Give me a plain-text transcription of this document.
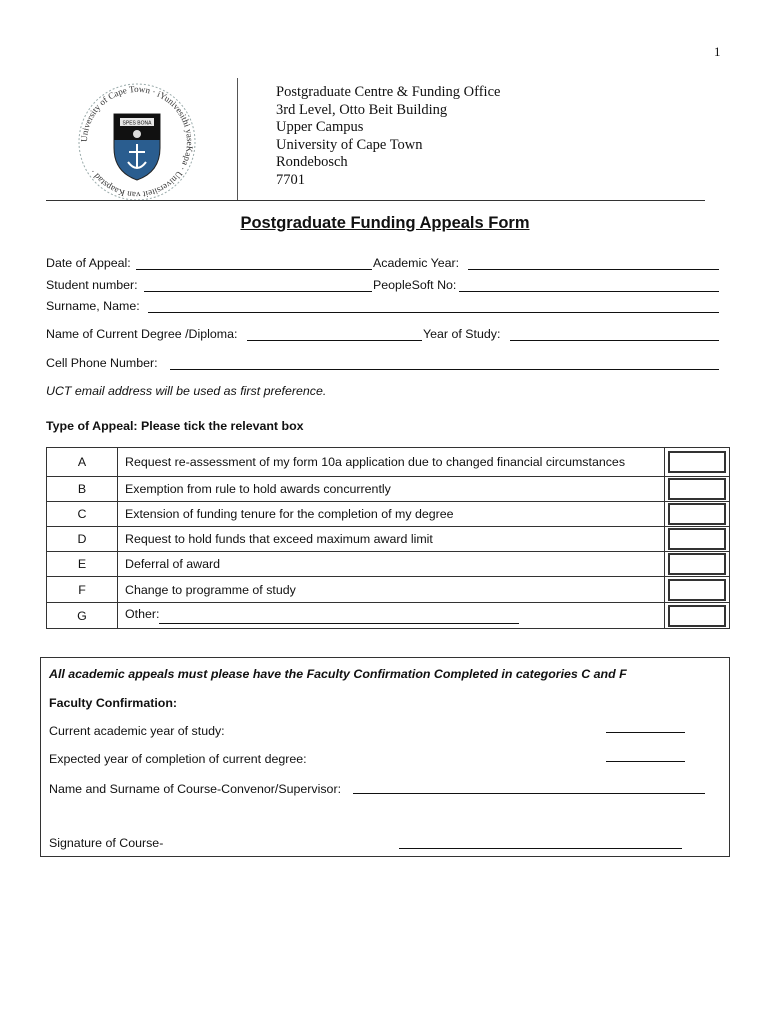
1
University of Cape Town · iYunivesithi yaseKapa · Universiteit van Kaapstad ·
SPES BONA
Postgraduate Centre & Funding Office
3rd Level, Otto Beit Building
Upper Campus
University of Cape Town
Rondebosch
7701
Postgraduate Funding Appeals Form
Date of Appeal:	Academic Year:
Student number:	PeopleSoft No:
Surname, Name:
Name of Current Degree /Diploma:	Year of Study:
Cell Phone Number:
UCT email address will be used as first preference.
Type of Appeal: Please tick the relevant box
A	Request re-assessment of my form 10a application due to changed financial circumstances	

B	Exemption from rule to hold awards concurrently	

C	Extension of funding tenure for the completion of my degree	

D	Request to hold funds that exceed maximum award limit	

E	Deferral of award	

F	Change to programme of study	

G	Other:	
All academic appeals must please have the Faculty Confirmation Completed in categories C and F
Faculty Confirmation:
Current academic year of study:
Expected year of completion of current degree:
Name and Surname of Course-Convenor/Supervisor:
Signature of Course-
